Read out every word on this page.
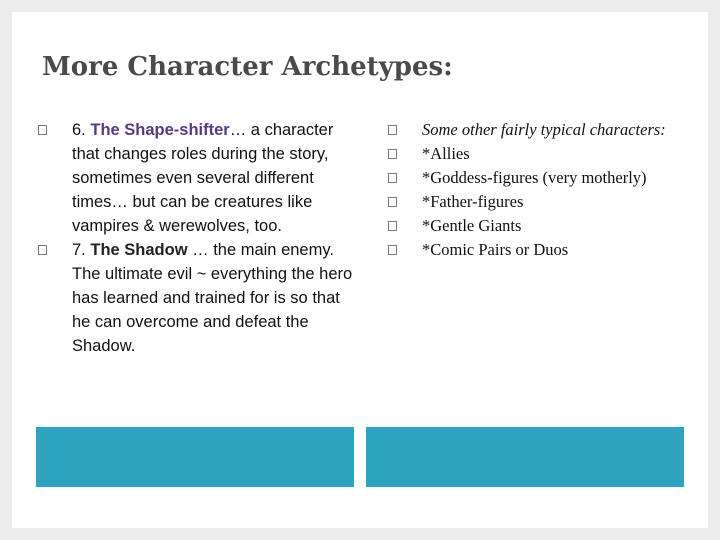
More Character Archetypes:
6. The Shape-shifter… a character that changes roles during the story, sometimes even several different times… but can be creatures like vampires & werewolves, too.
7. The Shadow … the main enemy. The ultimate evil ~ everything the hero has learned and trained for is so that he can overcome and defeat the Shadow.
Some other fairly typical characters:
*Allies
*Goddess-figures (very motherly)
*Father-figures
*Gentle Giants
*Comic Pairs or Duos
